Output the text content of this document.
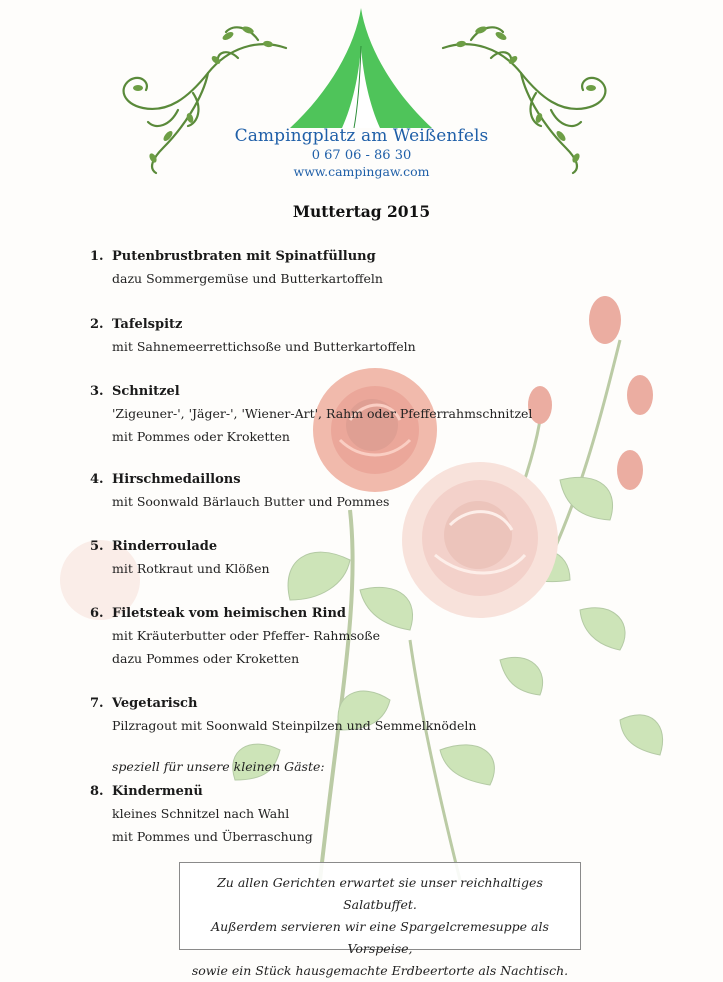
Campingplatz am Weißenfels
0 67 06 - 86 30
www.campingaw.com
Muttertag 2015
1. Putenbrustbraten mit Spinatfüllung
dazu Sommergemüse und Butterkartoffeln
2. Tafelspitz
mit Sahnemeerrettichsoße und Butterkartoffeln
3. Schnitzel
'Zigeuner-', 'Jäger-', 'Wiener-Art', Rahm oder Pfefferrahmschnitzel
mit Pommes oder Kroketten
4. Hirschmedaillons
mit Soonwald Bärlauch Butter und Pommes
5. Rinderroulade
mit Rotkraut und Klößen
6. Filetsteak vom heimischen Rind
mit Kräuterbutter oder Pfeffer- Rahmsoße
dazu Pommes oder Kroketten
7. Vegetarisch
Pilzragout mit Soonwald Steinpilzen und Semmelknödeln
speziell für unsere kleinen Gäste:
8. Kindermenü
kleines Schnitzel nach Wahl
mit Pommes und Überraschung
Zu allen Gerichten erwartet sie unser reichhaltiges Salatbuffet.
Außerdem servieren wir eine Spargelcremesuppe als Vorspeise,
sowie ein Stück hausgemachte Erdbeertorte als Nachtisch.
